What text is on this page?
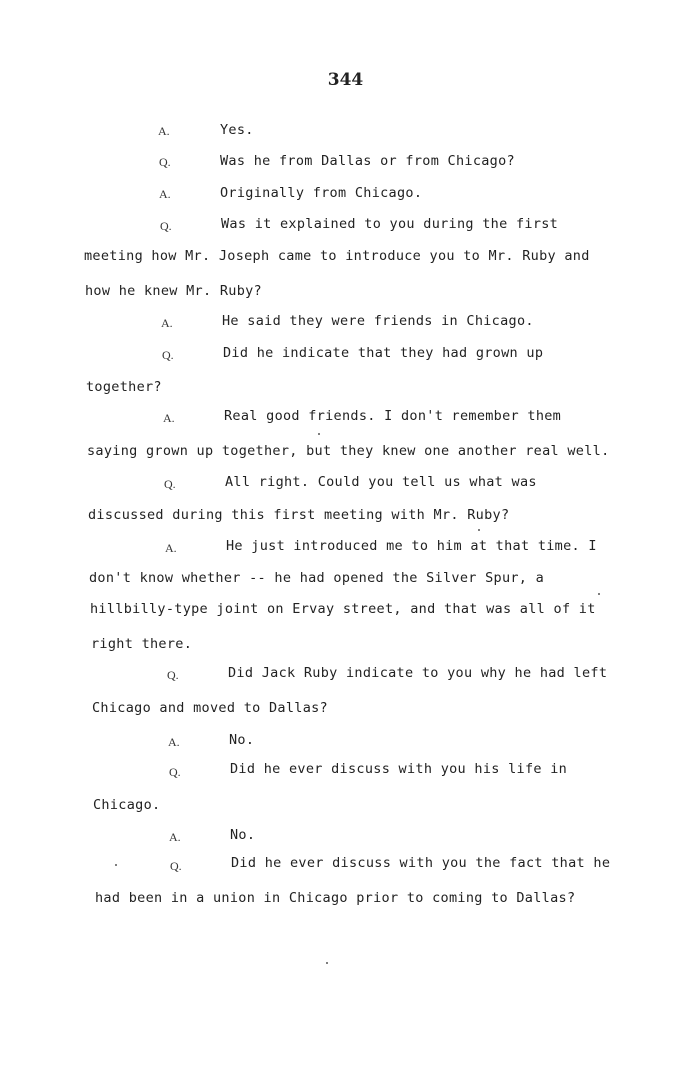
344
A.	Yes.
Q.	Was he from Dallas or from Chicago?
A.	Originally from Chicago.
Q.	Was it explained to you during the first
meeting how Mr. Joseph came to introduce you to Mr. Ruby and
how he knew Mr. Ruby?
A.	He said they were friends in Chicago.
Q.	Did he indicate that they had grown up
together?
A.	Real good friends. I don't remember them
saying grown up together, but they knew one another real well.
Q.	All right. Could you tell us what was
discussed during this first meeting with Mr. Ruby?
A.	He just introduced me to him at that time. I
don't know whether -- he had opened the Silver Spur, a
hillbilly-type joint on Ervay street, and that was all of it
right there.
Q.	Did Jack Ruby indicate to you why he had left
Chicago and moved to Dallas?
A.	No.
Q.	Did he ever discuss with you his life in
Chicago.
A.	No.
Q.	Did he ever discuss with you the fact that he
had been in a union in Chicago prior to coming to Dallas?
